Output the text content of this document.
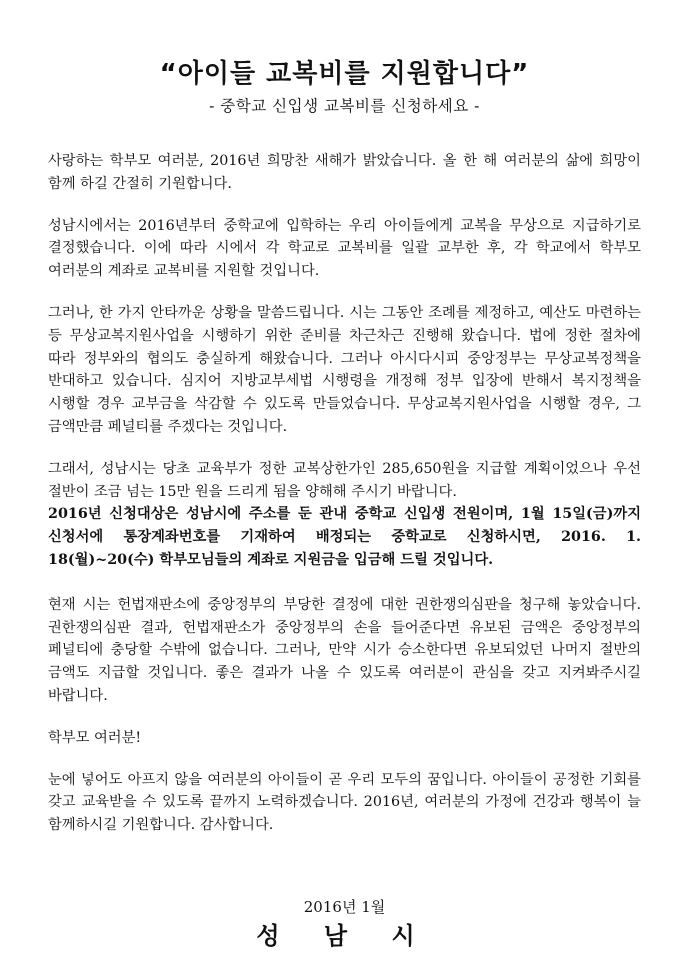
“아이들 교복비를 지원합니다”
- 중학교 신입생 교복비를 신청하세요 -

사랑하는 학부모 여러분, 2016년 희망찬 새해가 밝았습니다. 올 한 해 여러분의 삶에 희망이 함께 하길 간절히 기원합니다.

성남시에서는 2016년부터 중학교에 입학하는 우리 아이들에게 교복을 무상으로 지급하기로 결정했습니다. 이에 따라 시에서 각 학교로 교복비를 일괄 교부한 후, 각 학교에서 학부모 여러분의 계좌로 교복비를 지원할 것입니다.

그러나, 한 가지 안타까운 상황을 말씀드립니다. 시는 그동안 조례를 제정하고, 예산도 마련하는 등 무상교복지원사업을 시행하기 위한 준비를 차근차근 진행해 왔습니다. 법에 정한 절차에 따라 정부와의 협의도 충실하게 해왔습니다. 그러나 아시다시피 중앙정부는 무상교복정책을 반대하고 있습니다. 심지어 지방교부세법 시행령을 개정해 정부 입장에 반해서 복지정책을 시행할 경우 교부금을 삭감할 수 있도록 만들었습니다. 무상교복지원사업을 시행할 경우, 그 금액만큼 페널티를 주겠다는 것입니다.

그래서, 성남시는 당초 교육부가 정한 교복상한가인 285,650원을 지급할 계획이었으나 우선 절반이 조금 넘는 15만 원을 드리게 됨을 양해해 주시기 바랍니다.

2016년 신청대상은 성남시에 주소를 둔 관내 중학교 신입생 전원이며, 1월 15일(금)까지 신청서에 통장계좌번호를 기재하여 배정되는 중학교로 신청하시면, 2016. 1. 18(월)~20(수) 학부모님들의 계좌로 지원금을 입금해 드릴 것입니다.

현재 시는 헌법재판소에 중앙정부의 부당한 결정에 대한 권한쟁의심판을 청구해 놓았습니다. 권한쟁의심판 결과, 헌법재판소가 중앙정부의 손을 들어준다면 유보된 금액은 중앙정부의 페널티에 충당할 수밖에 없습니다. 그러나, 만약 시가 승소한다면 유보되었던 나머지 절반의 금액도 지급할 것입니다. 좋은 결과가 나올 수 있도록 여러분이 관심을 갖고 지켜봐주시길 바랍니다.

학부모 여러분!

눈에 넣어도 아프지 않을 여러분의 아이들이 곧 우리 모두의 꿈입니다. 아이들이 공정한 기회를 갖고 교육받을 수 있도록 끝까지 노력하겠습니다. 2016년, 여러분의 가정에 건강과 행복이 늘 함께하시길 기원합니다. 감사합니다.

2016년 1월
성 남 시
